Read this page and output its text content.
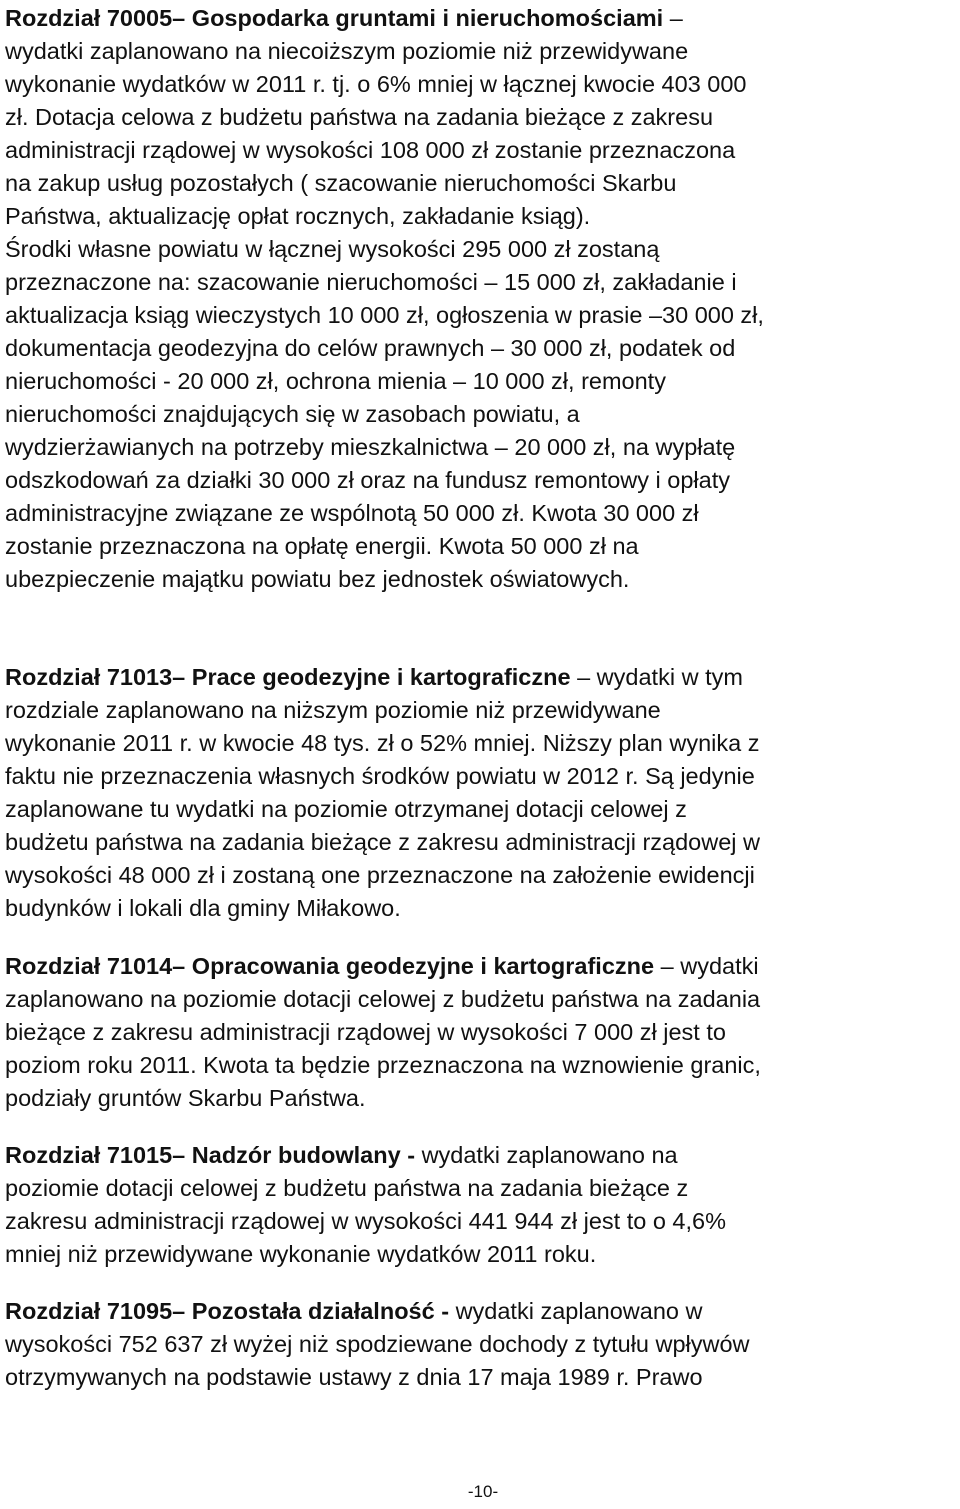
Rozdział 70005– Gospodarka gruntami i nieruchomościami –
wydatki zaplanowano na niecoiższym poziomie niż przewidywane
wykonanie wydatków w 2011 r. tj. o 6% mniej w łącznej kwocie 403 000
zł. Dotacja celowa z budżetu państwa na zadania bieżące z zakresu
administracji rządowej w wysokości 108 000 zł zostanie przeznaczona
na zakup usług pozostałych ( szacowanie nieruchomości Skarbu
Państwa, aktualizację opłat rocznych, zakładanie ksiąg).
Środki własne powiatu w łącznej wysokości 295 000 zł zostaną
przeznaczone na: szacowanie nieruchomości – 15 000 zł, zakładanie i
aktualizacja ksiąg wieczystych 10 000 zł, ogłoszenia w prasie –30 000 zł,
dokumentacja geodezyjna do celów prawnych – 30 000 zł, podatek od
nieruchomości - 20 000 zł, ochrona mienia – 10 000 zł, remonty
nieruchomości znajdujących się w zasobach powiatu, a
wydzierżawianych na potrzeby mieszkalnictwa – 20 000 zł, na wypłatę
odszkodowań za działki 30 000 zł oraz na fundusz remontowy i opłaty
administracyjne związane ze wspólnotą 50 000 zł. Kwota 30 000 zł
zostanie przeznaczona na opłatę energii. Kwota 50 000 zł na
ubezpieczenie majątku powiatu bez jednostek oświatowych.
Rozdział 71013– Prace geodezyjne i kartograficzne – wydatki w tym
rozdziale zaplanowano na niższym poziomie niż przewidywane
wykonanie 2011 r. w kwocie 48 tys. zł o 52% mniej. Niższy plan wynika z
faktu nie przeznaczenia własnych środków powiatu w 2012 r. Są jedynie
zaplanowane tu wydatki na poziomie otrzymanej dotacji celowej z
budżetu państwa na zadania bieżące z zakresu administracji rządowej w
wysokości 48 000 zł i zostaną one przeznaczone na założenie ewidencji
budynków i lokali dla gminy Miłakowo.
Rozdział 71014– Opracowania geodezyjne i kartograficzne – wydatki
zaplanowano na poziomie dotacji celowej z budżetu państwa na zadania
bieżące z zakresu administracji rządowej w wysokości 7 000 zł jest to
poziom roku 2011. Kwota ta będzie przeznaczona na wznowienie granic,
podziały gruntów Skarbu Państwa.
Rozdział 71015– Nadzór budowlany - wydatki zaplanowano na
poziomie dotacji celowej z budżetu państwa na zadania bieżące z
zakresu administracji rządowej w wysokości 441 944 zł jest to o 4,6%
mniej niż przewidywane wykonanie wydatków 2011 roku.
Rozdział 71095– Pozostała działalność - wydatki zaplanowano w
wysokości 752 637 zł wyżej niż spodziewane dochody z tytułu wpływów
otrzymywanych na podstawie ustawy z dnia 17 maja 1989 r. Prawo
-10-
